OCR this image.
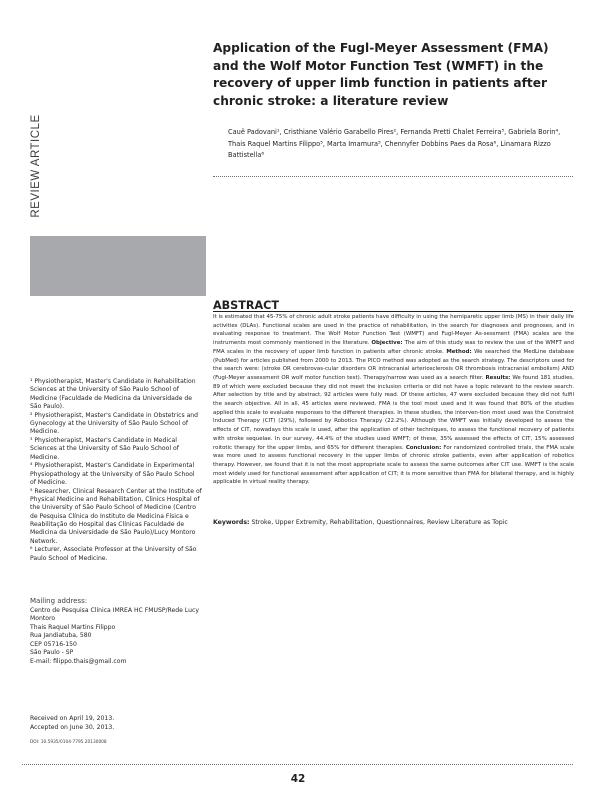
REVIEW ARTICLE
Application of the Fugl-Meyer Assessment (FMA) and the Wolf Motor Function Test (WMFT) in the recovery of upper limb function in patients after chronic stroke: a literature review
Cauê Padovani¹, Cristhiane Valério Garabello Pires², Fernanda Pretti Chalet Ferreira³, Gabriela Borin⁴, Thais Raquel Martins Filippo⁵, Marta Imamura⁵, Chennyfer Dobbins Paes da Rosa⁶, Linamara Rizzo Battistella⁶
ABSTRACT
It is estimated that 45-75% of chronic adult stroke patients have difficulty in using the hemiparetic upper limb (MS) in their daily life activities (DLAs). Functional scales are used in the practice of rehabilitation, in the search for diagnoses and prognoses, and in evaluating response to treatment. The Wolf Motor Function Test (WMFT) and Fugl-Meyer As-sessment (FMA) scales are the instruments most commonly mentioned in the literature. Objective: The aim of this study was to review the use of the WMFT and FMA scales in the recovery of upper limb function in patients after chronic stroke. Method: We searched the MedLine database (PubMed) for articles published from 2000 to 2013. The PICO method was adopted as the search strategy. The descriptors used for the search were: (stroke OR cerebrovas-cular disorders OR intracranial arteriosclerosis OR thrombosis intracranial embolism) AND (Fugl-Meyer assessment OR wolf motor function test). Therapy/narrow was used as a search filter. Results: We found 181 studies, 89 of which were excluded because they did not meet the inclusion criteria or did not have a topic relevant to the review search. After selection by title and by abstract, 92 articles were fully read. Of these articles, 47 were excluded because they did not fulfil the search objective. All in all, 45 articles were reviewed. FMA is the tool most used and it was found that 80% of the studies applied this scale to evaluate responses to the different therapies. In these studies, the interven-tion most used was the Constraint Induced Therapy (CIT) (29%), followed by Robotics Therapy (22.2%). Although the WMFT was initially developed to assess the effects of CIT, nowadays this scale is used, after the application of other techniques, to assess the functional recovery of patients with stroke sequelae. In our survey, 44.4% of the studies used WMFT; of these, 35% assessed the effects of CIT, 15% assessed roitotic therapy for the upper limbs, and 65% for different therapies. Conclusion: For randomized controlled trials, the FMA scale was more used to assess functional recovery in the upper limbs of chronic stroke patients, even after application of robotics therapy. However, we found that it is not the most appropriate scale to assess the same outcomes after CIT use. WMFT is the scale most widely used for functional assessment after application of CIT; it is more sensitive than FMA for bilateral therapy, and is highly applicable in virtual reality therapy.
Keywords: Stroke, Upper Extremity, Rehabilitation, Questionnaires, Review Literature as Topic

¹ Physiotherapist, Master's Candidate in Rehabilitation Sciences at the University of São Paulo School of Medicine (Faculdade de Medicina da Universidade de São Paulo).

² Physiotherapist, Master's Candidate in Obstetrics and Gynecology at the University of São Paulo School of Medicine.

³ Physiotherapist, Master's Candidate in Medical Sciences at the University of São Paulo School of Medicine.

⁴ Physiotherapist, Master's Candidate in Experimental Physiopathology at the University of São Paulo School of Medicine.

⁵ Researcher, Clinical Research Center at the Institute of Physical Medicine and Rehabilitation, Clinics Hospital of the University of São Paulo School of Medicine (Centro de Pesquisa Clínica do Instituto de Medicina Física e Reabilitação do Hospital das Clínicas Faculdade de Medicina da Universidade de São Paulo)/Lucy Montoro Network.

⁶ Lecturer, Associate Professor at the University of São Paulo School of Medicine.

Mailing address:
Centro de Pesquisa Clínica IMREA HC FMUSP/Rede Lucy Montoro
Thais Raquel Martins Filippo
Rua Jandiatuba, 580
CEP 05716-150
São Paulo - SP
E-mail: filippo.thais@gmail.com
Received on April 19, 2013.
Accepted on June 30, 2013.
DOI: 10.5935/0104-7795.20130008
42
